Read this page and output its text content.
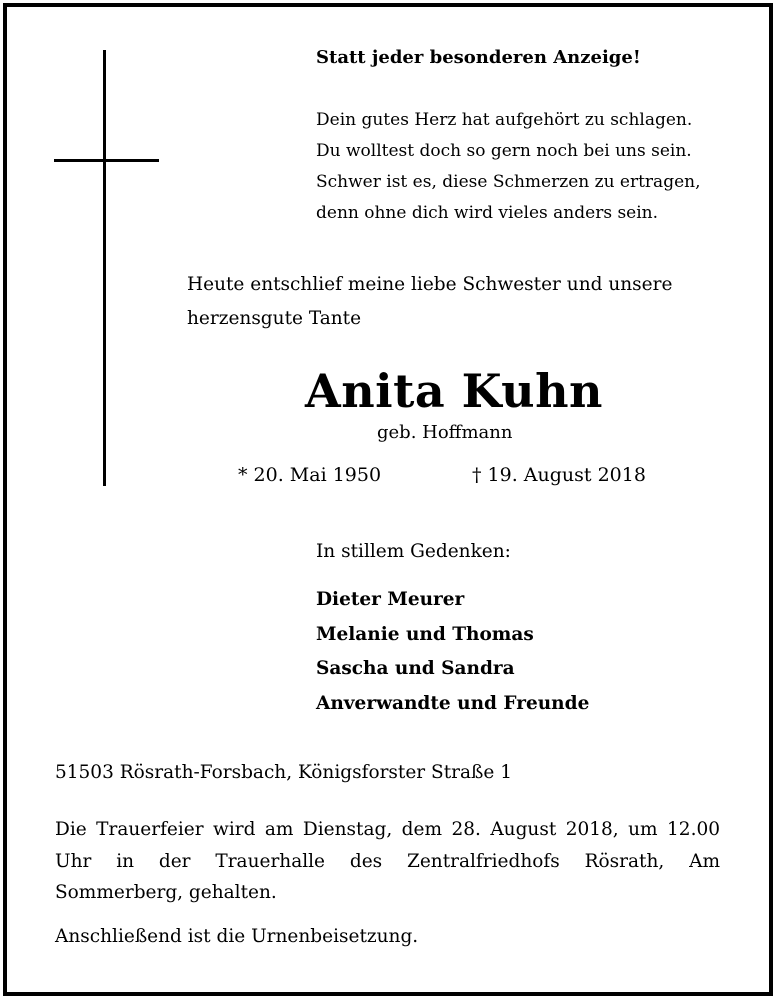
Statt jeder besonderen Anzeige!
Dein gutes Herz hat aufgehört zu schlagen.
Du wolltest doch so gern noch bei uns sein.
Schwer ist es, diese Schmerzen zu ertragen,
denn ohne dich wird vieles anders sein.
Heute entschlief meine liebe Schwester und unsere
herzensgute Tante
Anita Kuhn
geb. Hoffmann
* 20. Mai 1950	† 19. August 2018
In stillem Gedenken:
Dieter Meurer
Melanie und Thomas
Sascha und Sandra
Anverwandte und Freunde
51503 Rösrath-Forsbach, Königsforster Straße 1
Die Trauerfeier wird am Dienstag, dem 28. August 2018, um 12.00 Uhr in der Trauerhalle des Zentralfriedhofs Rösrath, Am Sommerberg, gehalten.
Anschließend ist die Urnenbeisetzung.
